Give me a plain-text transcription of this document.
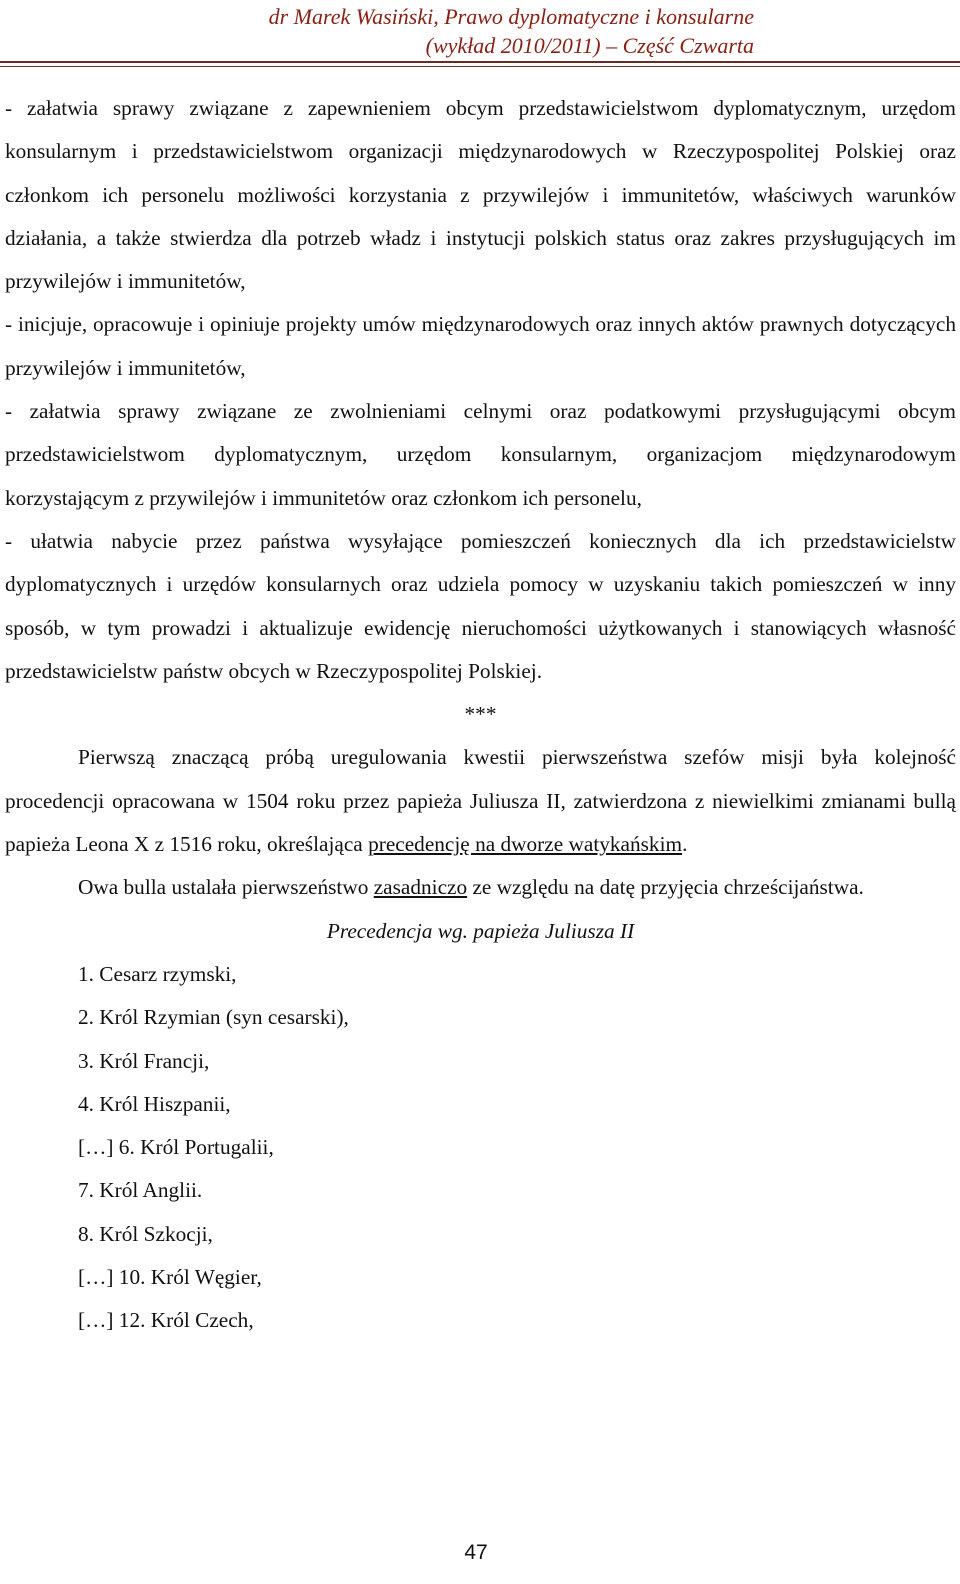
dr Marek Wasiński, Prawo dyplomatyczne i konsularne
(wykład 2010/2011) – Część Czwarta

- załatwia sprawy związane z zapewnieniem obcym przedstawicielstwom dyplomatycznym, urzędom konsularnym i przedstawicielstwom organizacji międzynarodowych w Rzeczypospolitej Polskiej oraz członkom ich personelu możliwości korzystania z przywilejów i immunitetów, właściwych warunków działania, a także stwierdza dla potrzeb władz i instytucji polskich status oraz zakres przysługujących im przywilejów i immunitetów,

- inicjuje, opracowuje i opiniuje projekty umów międzynarodowych oraz innych aktów prawnych dotyczących przywilejów i immunitetów,

- załatwia sprawy związane ze zwolnieniami celnymi oraz podatkowymi przysługującymi obcym przedstawicielstwom dyplomatycznym, urzędom konsularnym, organizacjom międzynarodowym korzystającym z przywilejów i immunitetów oraz członkom ich personelu,

- ułatwia nabycie przez państwa wysyłające pomieszczeń koniecznych dla ich przedstawicielstw dyplomatycznych i urzędów konsularnych oraz udziela pomocy w uzyskaniu takich pomieszczeń w inny sposób, w tym prowadzi i aktualizuje ewidencję nieruchomości użytkowanych i stanowiących własność przedstawicielstw państw obcych w Rzeczypospolitej Polskiej.

***

Pierwszą znaczącą próbą uregulowania kwestii pierwszeństwa szefów misji była kolejność procedencji opracowana w 1504 roku przez papieża Juliusza II, zatwierdzona z niewielkimi zmianami bullą papieża Leona X z 1516 roku, określająca precedencję na dworze watykańskim.

Owa bulla ustalała pierwszeństwo zasadniczo ze względu na datę przyjęcia chrześcijaństwa.

Precedencja wg. papieża Juliusza II

1. Cesarz rzymski,
2. Król Rzymian (syn cesarski),
3. Król Francji,
4. Król Hiszpanii,
[…] 6. Król Portugalii,
7. Król Anglii.
8. Król Szkocji,
[…] 10. Król Węgier,
[…] 12. Król Czech,
47
